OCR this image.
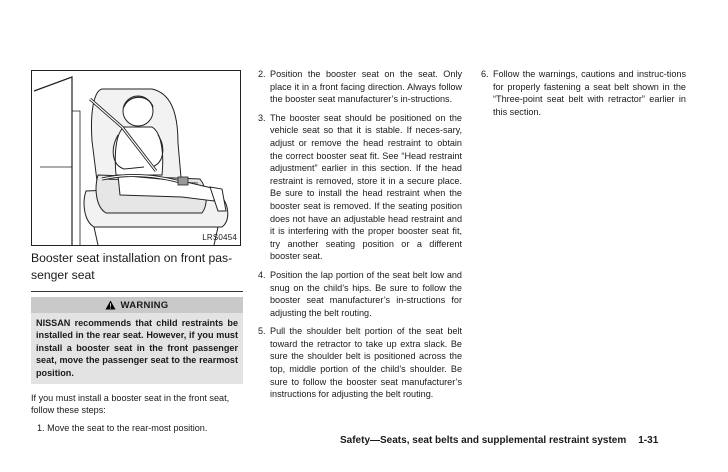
LRS0454

Booster seat installation on front pas-senger seat

WARNING
NISSAN recommends that child restraints be installed in the rear seat. However, if you must install a booster seat in the front passenger seat, move the passenger seat to the rearmost position.

If you must install a booster seat in the front seat, follow these steps:

1. Move the seat to the rear-most position.

2. Position the booster seat on the seat. Only place it in a front facing direction. Always follow the booster seat manufacturer’s in-structions.
3. The booster seat should be positioned on the vehicle seat so that it is stable. If neces-sary, adjust or remove the head restraint to obtain the correct booster seat fit. See “Head restraint adjustment” earlier in this section. If the head restraint is removed, store it in a secure place. Be sure to install the head restraint when the booster seat is removed. If the seating position does not have an adjustable head restraint and it is interfering with the proper booster seat fit, try another seating position or a different booster seat.
4. Position the lap portion of the seat belt low and snug on the child’s hips. Be sure to follow the booster seat manufacturer’s in-structions for adjusting the belt routing.
5. Pull the shoulder belt portion of the seat belt toward the retractor to take up extra slack. Be sure the shoulder belt is positioned across the top, middle portion of the child’s shoulder. Be sure to follow the booster seat manufacturer’s instructions for adjusting the belt routing.
6. Follow the warnings, cautions and instruc-tions for properly fastening a seat belt shown in the “Three-point seat belt with retractor” earlier in this section.
Safety—Seats, seat belts and supplemental restraint system 1-31
